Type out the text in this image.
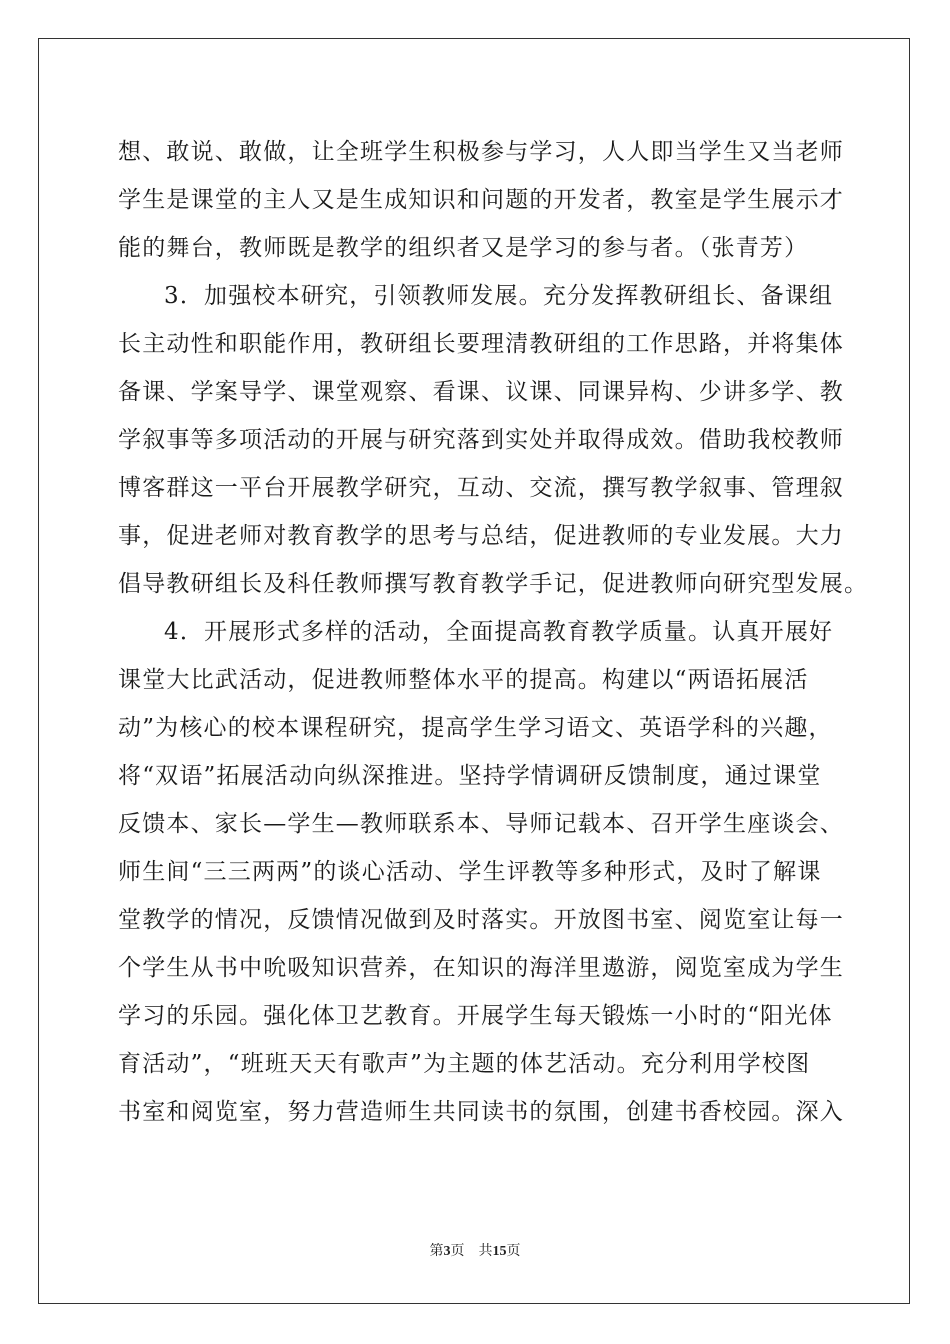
想、敢说、敢做，让全班学生积极参与学习，人人即当学生又当老师
学生是课堂的主人又是生成知识和问题的开发者，教室是学生展示才
能的舞台，教师既是教学的组织者又是学习的参与者。（张青芳）
3．加强校本研究，引领教师发展。充分发挥教研组长、备课组
长主动性和职能作用，教研组长要理清教研组的工作思路，并将集体
备课、学案导学、课堂观察、看课、议课、同课异构、少讲多学、教
学叙事等多项活动的开展与研究落到实处并取得成效。借助我校教师
博客群这一平台开展教学研究，互动、交流，撰写教学叙事、管理叙
事，促进老师对教育教学的思考与总结，促进教师的专业发展。大力
倡导教研组长及科任教师撰写教育教学手记，促进教师向研究型发展。
4．开展形式多样的活动，全面提高教育教学质量。认真开展好
课堂大比武活动，促进教师整体水平的提高。构建以“两语拓展活
动”为核心的校本课程研究，提高学生学习语文、英语学科的兴趣，
将“双语”拓展活动向纵深推进。坚持学情调研反馈制度，通过课堂
反馈本、家长—学生—教师联系本、导师记载本、召开学生座谈会、
师生间“三三两两”的谈心活动、学生评教等多种形式，及时了解课
堂教学的情况，反馈情况做到及时落实。开放图书室、阅览室让每一
个学生从书中吮吸知识营养，在知识的海洋里遨游，阅览室成为学生
学习的乐园。强化体卫艺教育。开展学生每天锻炼一小时的“阳光体
育活动”，“班班天天有歌声”为主题的体艺活动。充分利用学校图
书室和阅览室，努力营造师生共同读书的氛围，创建书香校园。深入
第3页 共15页
